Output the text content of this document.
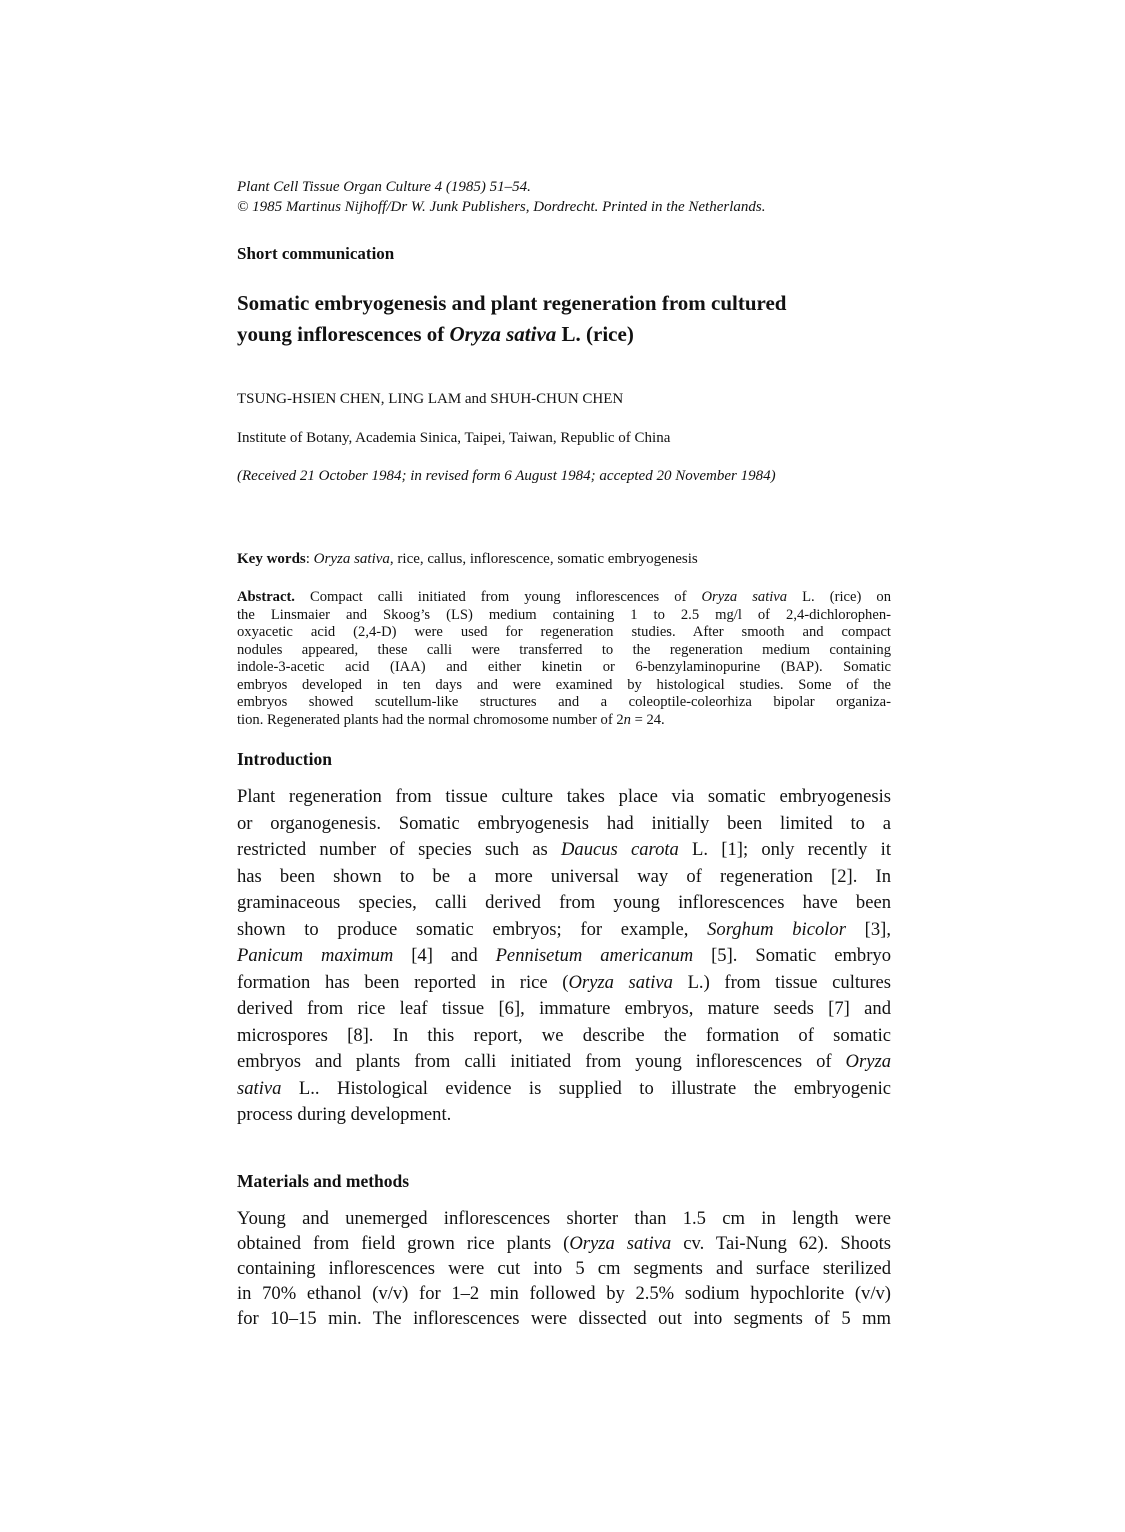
Plant Cell Tissue Organ Culture 4 (1985) 51–54.
© 1985 Martinus Nijhoff/Dr W. Junk Publishers, Dordrecht. Printed in the Netherlands.
Short communication
Somatic embryogenesis and plant regeneration from cultured
young inflorescences of Oryza sativa L. (rice)
TSUNG-HSIEN CHEN, LING LAM and SHUH-CHUN CHEN
Institute of Botany, Academia Sinica, Taipei, Taiwan, Republic of China
(Received 21 October 1984; in revised form 6 August 1984; accepted 20 November 1984)
Key words: Oryza sativa, rice, callus, inflorescence, somatic embryogenesis
Abstract. Compact calli initiated from young inflorescences of Oryza sativa L. (rice) on
the Linsmaier and Skoog’s (LS) medium containing 1 to 2.5 mg/l of 2,4-dichlorophen-
oxyacetic acid (2,4-D) were used for regeneration studies. After smooth and compact
nodules appeared, these calli were transferred to the regeneration medium containing
indole-3-acetic acid (IAA) and either kinetin or 6-benzylaminopurine (BAP). Somatic
embryos developed in ten days and were examined by histological studies. Some of the
embryos showed scutellum-like structures and a coleoptile-coleorhiza bipolar organiza-
tion. Regenerated plants had the normal chromosome number of 2n = 24.
Introduction
Plant regeneration from tissue culture takes place via somatic embryogenesis
or organogenesis. Somatic embryogenesis had initially been limited to a
restricted number of species such as Daucus carota L. [1]; only recently it
has been shown to be a more universal way of regeneration [2]. In
graminaceous species, calli derived from young inflorescences have been
shown to produce somatic embryos; for example, Sorghum bicolor [3],
Panicum maximum [4] and Pennisetum americanum [5]. Somatic embryo
formation has been reported in rice (Oryza sativa L.) from tissue cultures
derived from rice leaf tissue [6], immature embryos, mature seeds [7] and
microspores [8]. In this report, we describe the formation of somatic
embryos and plants from calli initiated from young inflorescences of Oryza
sativa L.. Histological evidence is supplied to illustrate the embryogenic
process during development.
Materials and methods
Young and unemerged inflorescences shorter than 1.5 cm in length were
obtained from field grown rice plants (Oryza sativa cv. Tai-Nung 62). Shoots
containing inflorescences were cut into 5 cm segments and surface sterilized
in 70% ethanol (v/v) for 1–2 min followed by 2.5% sodium hypochlorite (v/v)
for 10–15 min. The inflorescences were dissected out into segments of 5 mm
